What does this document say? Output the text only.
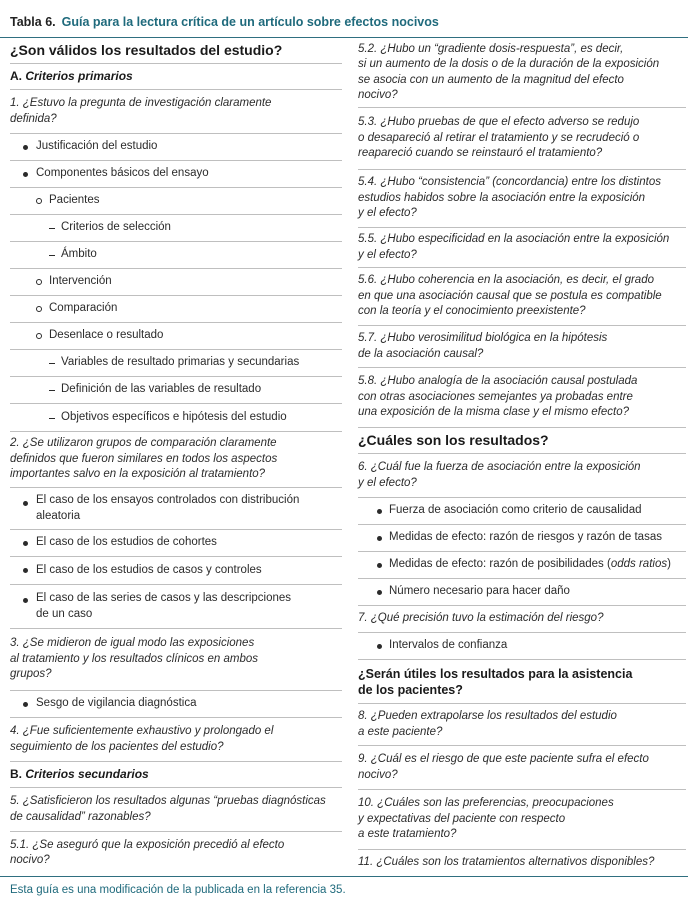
Tabla 6. Guía para la lectura crítica de un artículo sobre efectos nocivos
¿Son válidos los resultados del estudio?
A. Criterios primarios
1. ¿Estuvo la pregunta de investigación claramente
definida?
Justificación del estudio
Componentes básicos del ensayo
Pacientes
Criterios de selección
Ámbito
Intervención
Comparación
Desenlace o resultado
Variables de resultado primarias y secundarias
Definición de las variables de resultado
Objetivos específicos e hipótesis del estudio
2. ¿Se utilizaron grupos de comparación claramente
definidos que fueron similares en todos los aspectos
importantes salvo en la exposición al tratamiento?
El caso de los ensayos controlados con distribución
aleatoria
El caso de los estudios de cohortes
El caso de los estudios de casos y controles
El caso de las series de casos y las descripciones
de un caso
3. ¿Se midieron de igual modo las exposiciones
al tratamiento y los resultados clínicos en ambos
grupos?
Sesgo de vigilancia diagnóstica
4. ¿Fue suficientemente exhaustivo y prolongado el
seguimiento de los pacientes del estudio?
B. Criterios secundarios
5. ¿Satisficieron los resultados algunas “pruebas diagnósticas
de causalidad” razonables?
5.1. ¿Se aseguró que la exposición precedió al efecto
nocivo?
5.2. ¿Hubo un “gradiente dosis-respuesta”, es decir,
si un aumento de la dosis o de la duración de la exposición
se asocia con un aumento de la magnitud del efecto
nocivo?
5.3. ¿Hubo pruebas de que el efecto adverso se redujo
o desapareció al retirar el tratamiento y se recrudeció o
reapareció cuando se reinstauró el tratamiento?
5.4. ¿Hubo “consistencia” (concordancia) entre los distintos
estudios habidos sobre la asociación entre la exposición
y el efecto?
5.5. ¿Hubo especificidad en la asociación entre la exposición
y el efecto?
5.6. ¿Hubo coherencia en la asociación, es decir, el grado
en que una asociación causal que se postula es compatible
con la teoría y el conocimiento preexistente?
5.7. ¿Hubo verosimilitud biológica en la hipótesis
de la asociación causal?
5.8. ¿Hubo analogía de la asociación causal postulada
con otras asociaciones semejantes ya probadas entre
una exposición de la misma clase y el mismo efecto?
¿Cuáles son los resultados?
6. ¿Cuál fue la fuerza de asociación entre la exposición
y el efecto?
Fuerza de asociación como criterio de causalidad
Medidas de efecto: razón de riesgos y razón de tasas
Medidas de efecto: razón de posibilidades (odds ratios)
Número necesario para hacer daño
7. ¿Qué precisión tuvo la estimación del riesgo?
Intervalos de confianza
¿Serán útiles los resultados para la asistencia
de los pacientes?
8. ¿Pueden extrapolarse los resultados del estudio
a este paciente?
9. ¿Cuál es el riesgo de que este paciente sufra el efecto
nocivo?
10. ¿Cuáles son las preferencias, preocupaciones
y expectativas del paciente con respecto
a este tratamiento?
11. ¿Cuáles son los tratamientos alternativos disponibles?
Esta guía es una modificación de la publicada en la referencia 35.
